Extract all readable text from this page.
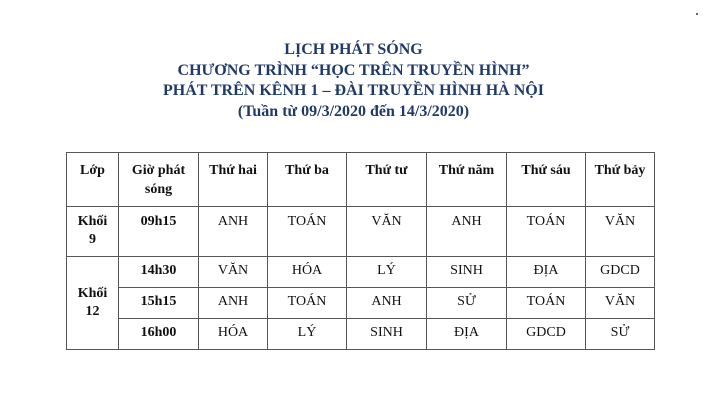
LỊCH PHÁT SÓNG
CHƯƠNG TRÌNH “HỌC TRÊN TRUYỀN HÌNH”
PHÁT TRÊN KÊNH 1 – ĐÀI TRUYỀN HÌNH HÀ NỘI
(Tuần từ 09/3/2020 đến 14/3/2020)
Lớp	Giờ phát sóng	Thứ hai	Thứ ba	Thứ tư	Thứ năm	Thứ sáu	Thứ bảy
Khối 9	09h15	ANH	TOÁN	VĂN	ANH	TOÁN	VĂN
Khối 12	14h30	VĂN	HÓA	LÝ	SINH	ĐỊA	GDCD
	15h15	ANH	TOÁN	ANH	SỬ	TOÁN	VĂN
	16h00	HÓA	LÝ	SINH	ĐỊA	GDCD	SỬ
